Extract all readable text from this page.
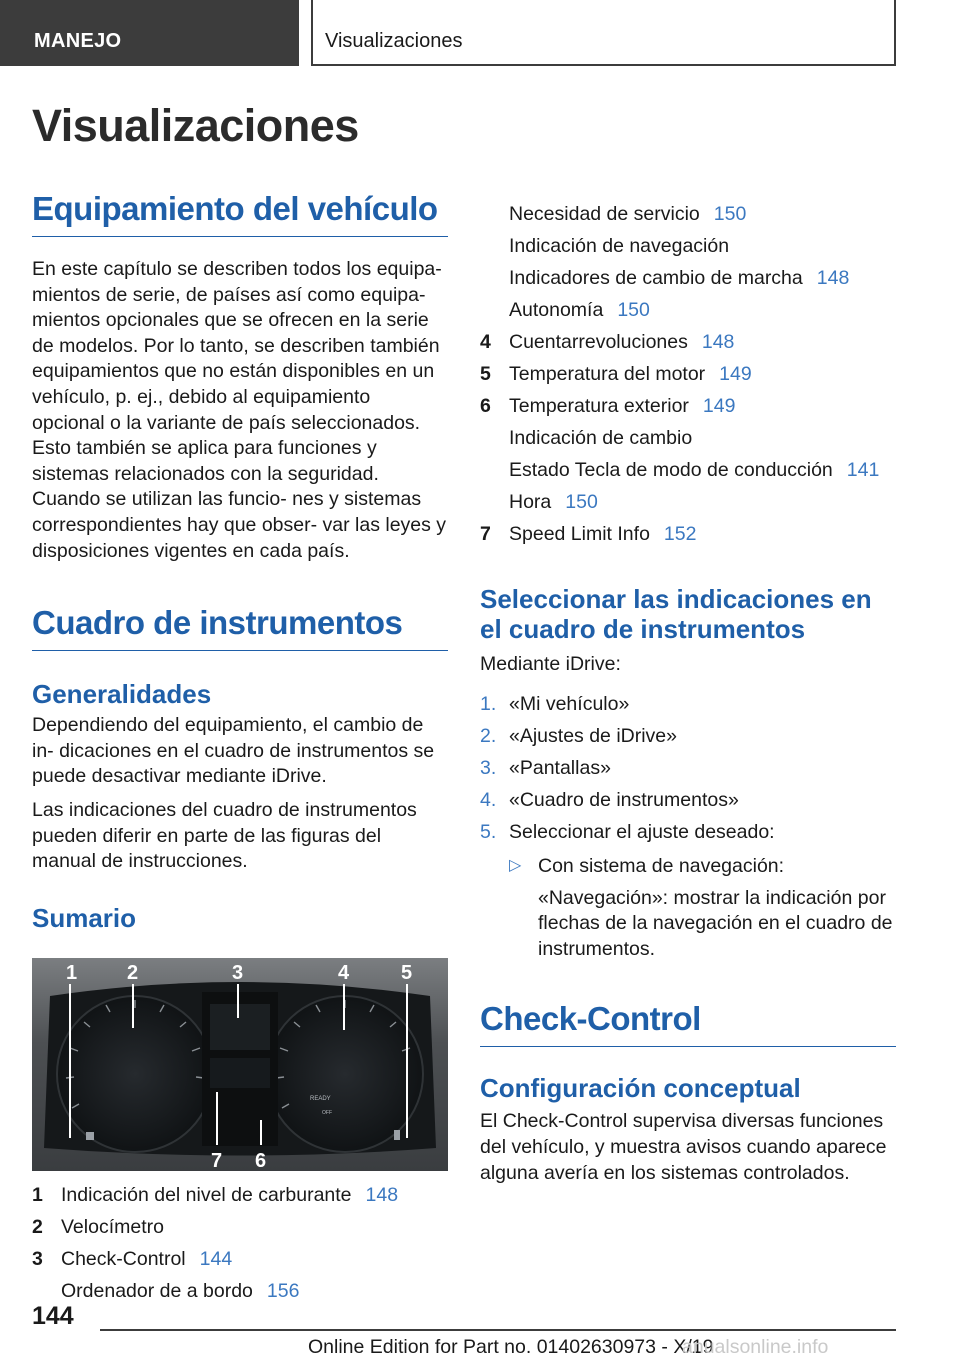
MANEJO	Visualizaciones
Visualizaciones
Equipamiento del vehículo

En este capítulo se describen todos los equipa- mientos de serie, de países así como equipa- mientos opcionales que se ofrecen en la serie de modelos. Por lo tanto, se describen también equipamientos que no están disponibles en un vehículo, p. ej., debido al equipamiento opcional o la variante de país seleccionados. Esto también se aplica para funciones y sistemas relacionados con la seguridad. Cuando se utilizan las funcio- nes y sistemas correspondientes hay que obser- var las leyes y disposiciones vigentes en cada país.

Cuadro de instrumentos
Generalidades

Dependiendo del equipamiento, el cambio de in- dicaciones en el cuadro de instrumentos se puede desactivar mediante iDrive.

Las indicaciones del cuadro de instrumentos pueden diferir en parte de las figuras del manual de instrucciones.

Sumario
READY
OFF
1 2	3	4	5
6
7
1 Indicación del nivel de carburante 148
2 Velocímetro
3 Check-Control 144
Ordenador de a bordo 156
Necesidad de servicio 150
Indicación de navegación
Indicadores de cambio de marcha 148
Autonomía 150
4 Cuentarrevoluciones 148
5 Temperatura del motor 149
6 Temperatura exterior 149
Indicación de cambio
Estado Tecla de modo de conducción 141
Hora 150
7 Speed Limit Info 152
Seleccionar las indicaciones en el cuadro de instrumentos

Mediante iDrive:

1. «Mi vehículo»
2. «Ajustes de iDrive»
3. «Pantallas»
4. «Cuadro de instrumentos»
5. Seleccionar el ajuste deseado:
▷ Con sistema de navegación:

«Navegación»: mostrar la indicación por flechas de la navegación en el cuadro de instrumentos.

Check-Control
Configuración conceptual

El Check-Control supervisa diversas funciones del vehículo, y muestra avisos cuando aparece alguna avería en los sistemas controlados.

144
Online Edition for Part no. 01402630973 - X/19
anualsonline.info
